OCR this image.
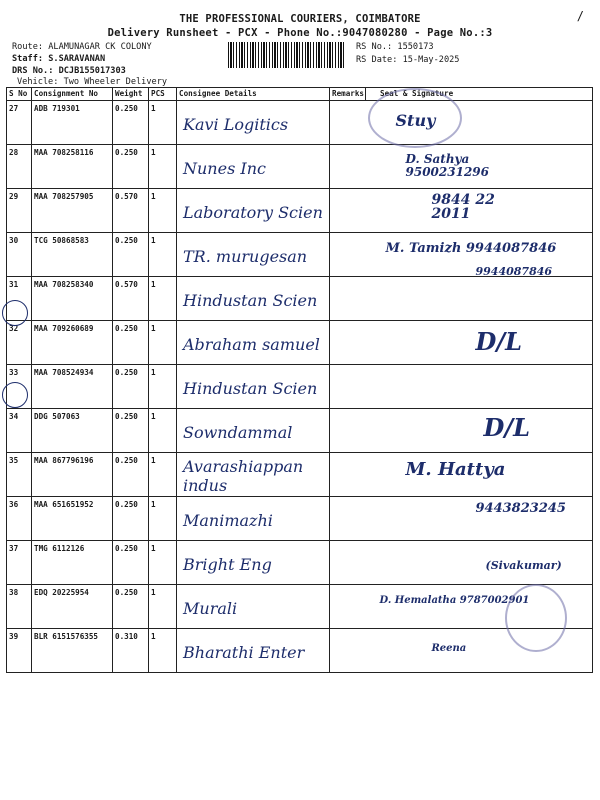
THE PROFESSIONAL COURIERS, COIMBATORE
Delivery Runsheet - PCX - Phone No.:9047080280 - Page No.:3
/
Route: ALAMUNAGAR CK COLONY
Staff: S.SARAVANAN
DRS No.: DCJB155017303
Vehicle: Two Wheeler Delivery
RS No.: 1550173
RS Date: 15-May-2025
S No	Consignment No	Weight	PCS	Consignee Details	Remarks	Seal & Signature
27	ADB 719301	0.250	1	Kavi Logitics		Stuy

28	MAA 708258116	0.250	1	Nunes Inc		D. Sathya 9500231296

29	MAA 708257905	0.570	1	Laboratory Scien		9844 22 2011

30	TCG 50868583	0.250	1	TR. murugesan		M. Tamizh 9944087846

31	MAA 708258340	0.570	1	Hindustan Scien		9944087846

32	MAA 709260689	0.250	1	Abraham samuel		D/L

33	MAA 708524934	0.250	1	Hindustan Scien		

34	DDG 507063	0.250	1	Sowndammal		D/L

35	MAA 867796196	0.250	1	Avarashiappan indus		M. Hattya

36	MAA 651651952	0.250	1	Manimazhi		9443823245

37	TMG 6112126	0.250	1	Bright Eng		(Sivakumar)

38	EDQ 20225954	0.250	1	Murali		D. Hemalatha 9787002901

39	BLR 6151576355	0.310	1	Bharathi Enter		Reena
